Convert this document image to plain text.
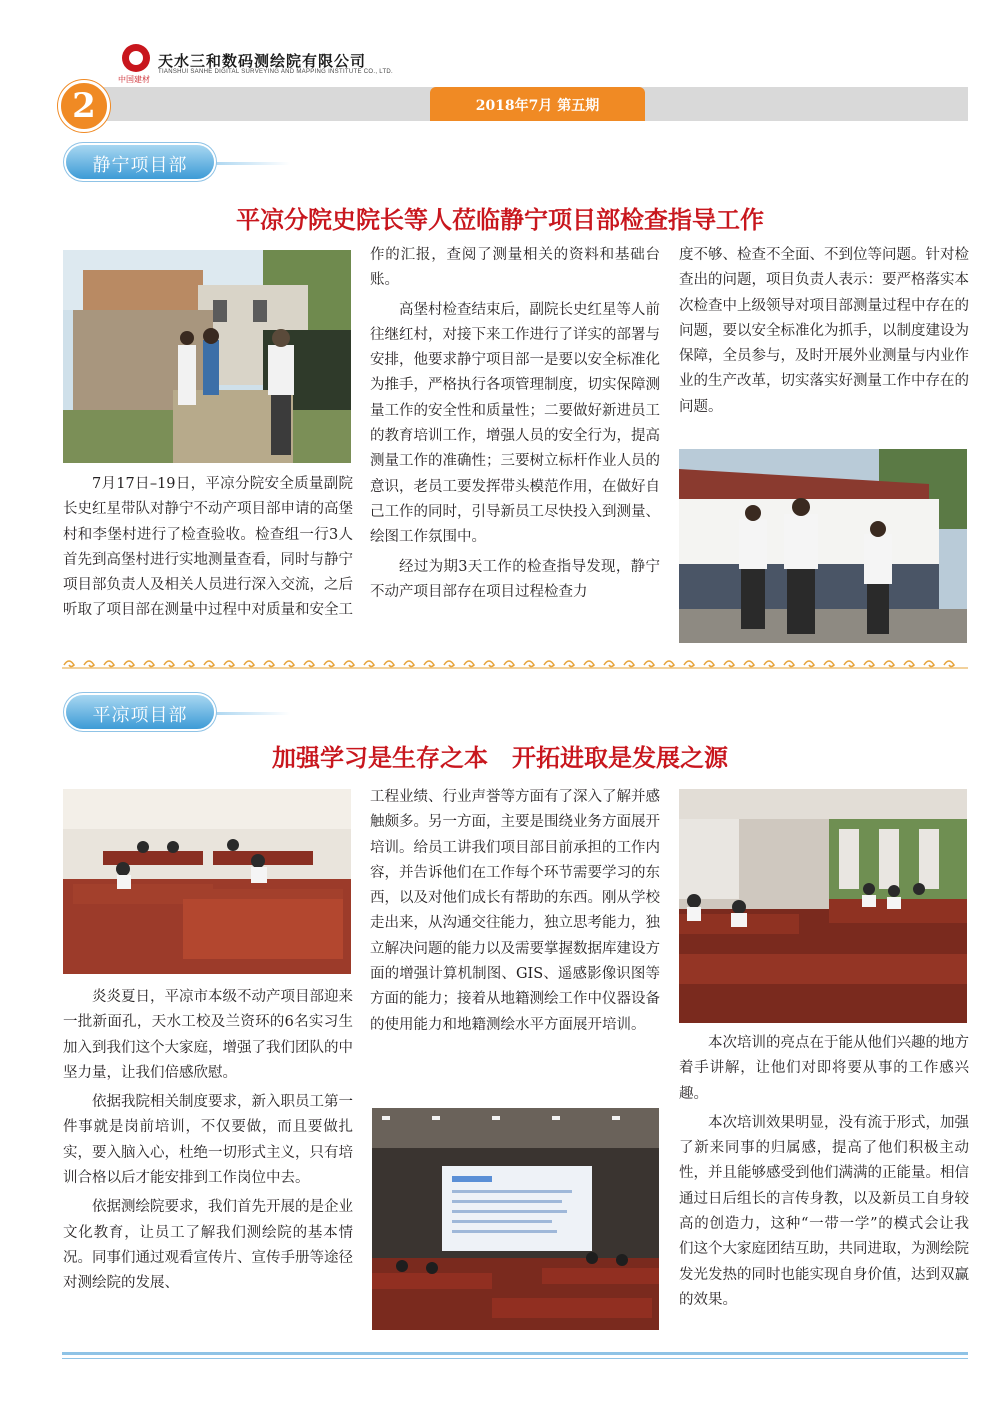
中国建材
天水三和数码测绘院有限公司
TIANSHUI SANHE DIGITAL SURVEYING AND MAPPING INSTITUTE CO., LTD.
2018年7月 第五期
2
静宁项目部
平凉分院史院长等人莅临静宁项目部检查指导工作

7月17日–19日，平凉分院安全质量副院长史红星带队对静宁不动产项目部申请的高堡村和李堡村进行了检查验收。检查组一行3人首先到高堡村进行实地测量查看，同时与静宁项目部负责人及相关人员进行深入交流，之后听取了项目部在测量中过程中对质量和安全工

作的汇报，查阅了测量相关的资料和基础台账。

高堡村检查结束后，副院长史红星等人前往继红村，对接下来工作进行了详实的部署与安排，他要求静宁项目部一是要以安全标准化为推手，严格执行各项管理制度，切实保障测量工作的安全性和质量性；二要做好新进员工的教育培训工作，增强人员的安全行为，提高测量工作的准确性；三要树立标杆作业人员的意识，老员工要发挥带头模范作用，在做好自己工作的同时，引导新员工尽快投入到测量、绘图工作氛围中。

经过为期3天工作的检查指导发现，静宁不动产项目部存在项目过程检查力

度不够、检查不全面、不到位等问题。针对检查出的问题，项目负责人表示：要严格落实本次检查中上级领导对项目部测量过程中存在的问题，要以安全标准化为抓手，以制度建设为保障，全员参与，及时开展外业测量与内业作业的生产改革，切实落实好测量工作中存在的问题。

平凉项目部
加强学习是生存之本　开拓进取是发展之源

炎炎夏日，平凉市本级不动产项目部迎来一批新面孔，天水工校及兰资环的6名实习生加入到我们这个大家庭，增强了我们团队的中坚力量，让我们倍感欣慰。

依据我院相关制度要求，新入职员工第一件事就是岗前培训，不仅要做，而且要做扎实，要入脑入心，杜绝一切形式主义，只有培训合格以后才能安排到工作岗位中去。

依据测绘院要求，我们首先开展的是企业文化教育，让员工了解我们测绘院的基本情况。同事们通过观看宣传片、宣传手册等途径对测绘院的发展、

工程业绩、行业声誉等方面有了深入了解并感触颇多。另一方面，主要是围绕业务方面展开培训。给员工讲我们项目部目前承担的工作内容，并告诉他们在工作每个环节需要学习的东西，以及对他们成长有帮助的东西。刚从学校走出来，从沟通交往能力，独立思考能力，独立解决问题的能力以及需要掌握数据库建设方面的增强计算机制图、GIS、遥感影像识图等方面的能力；接着从地籍测绘工作中仪器设备的使用能力和地籍测绘水平方面展开培训。

本次培训的亮点在于能从他们兴趣的地方着手讲解，让他们对即将要从事的工作感兴趣。

本次培训效果明显，没有流于形式，加强了新来同事的归属感，提高了他们积极主动性，并且能够感受到他们满满的正能量。相信通过日后组长的言传身教，以及新员工自身较高的创造力，这种“一带一学”的模式会让我们这个大家庭团结互助，共同进取，为测绘院发光发热的同时也能实现自身价值，达到双赢的效果。
